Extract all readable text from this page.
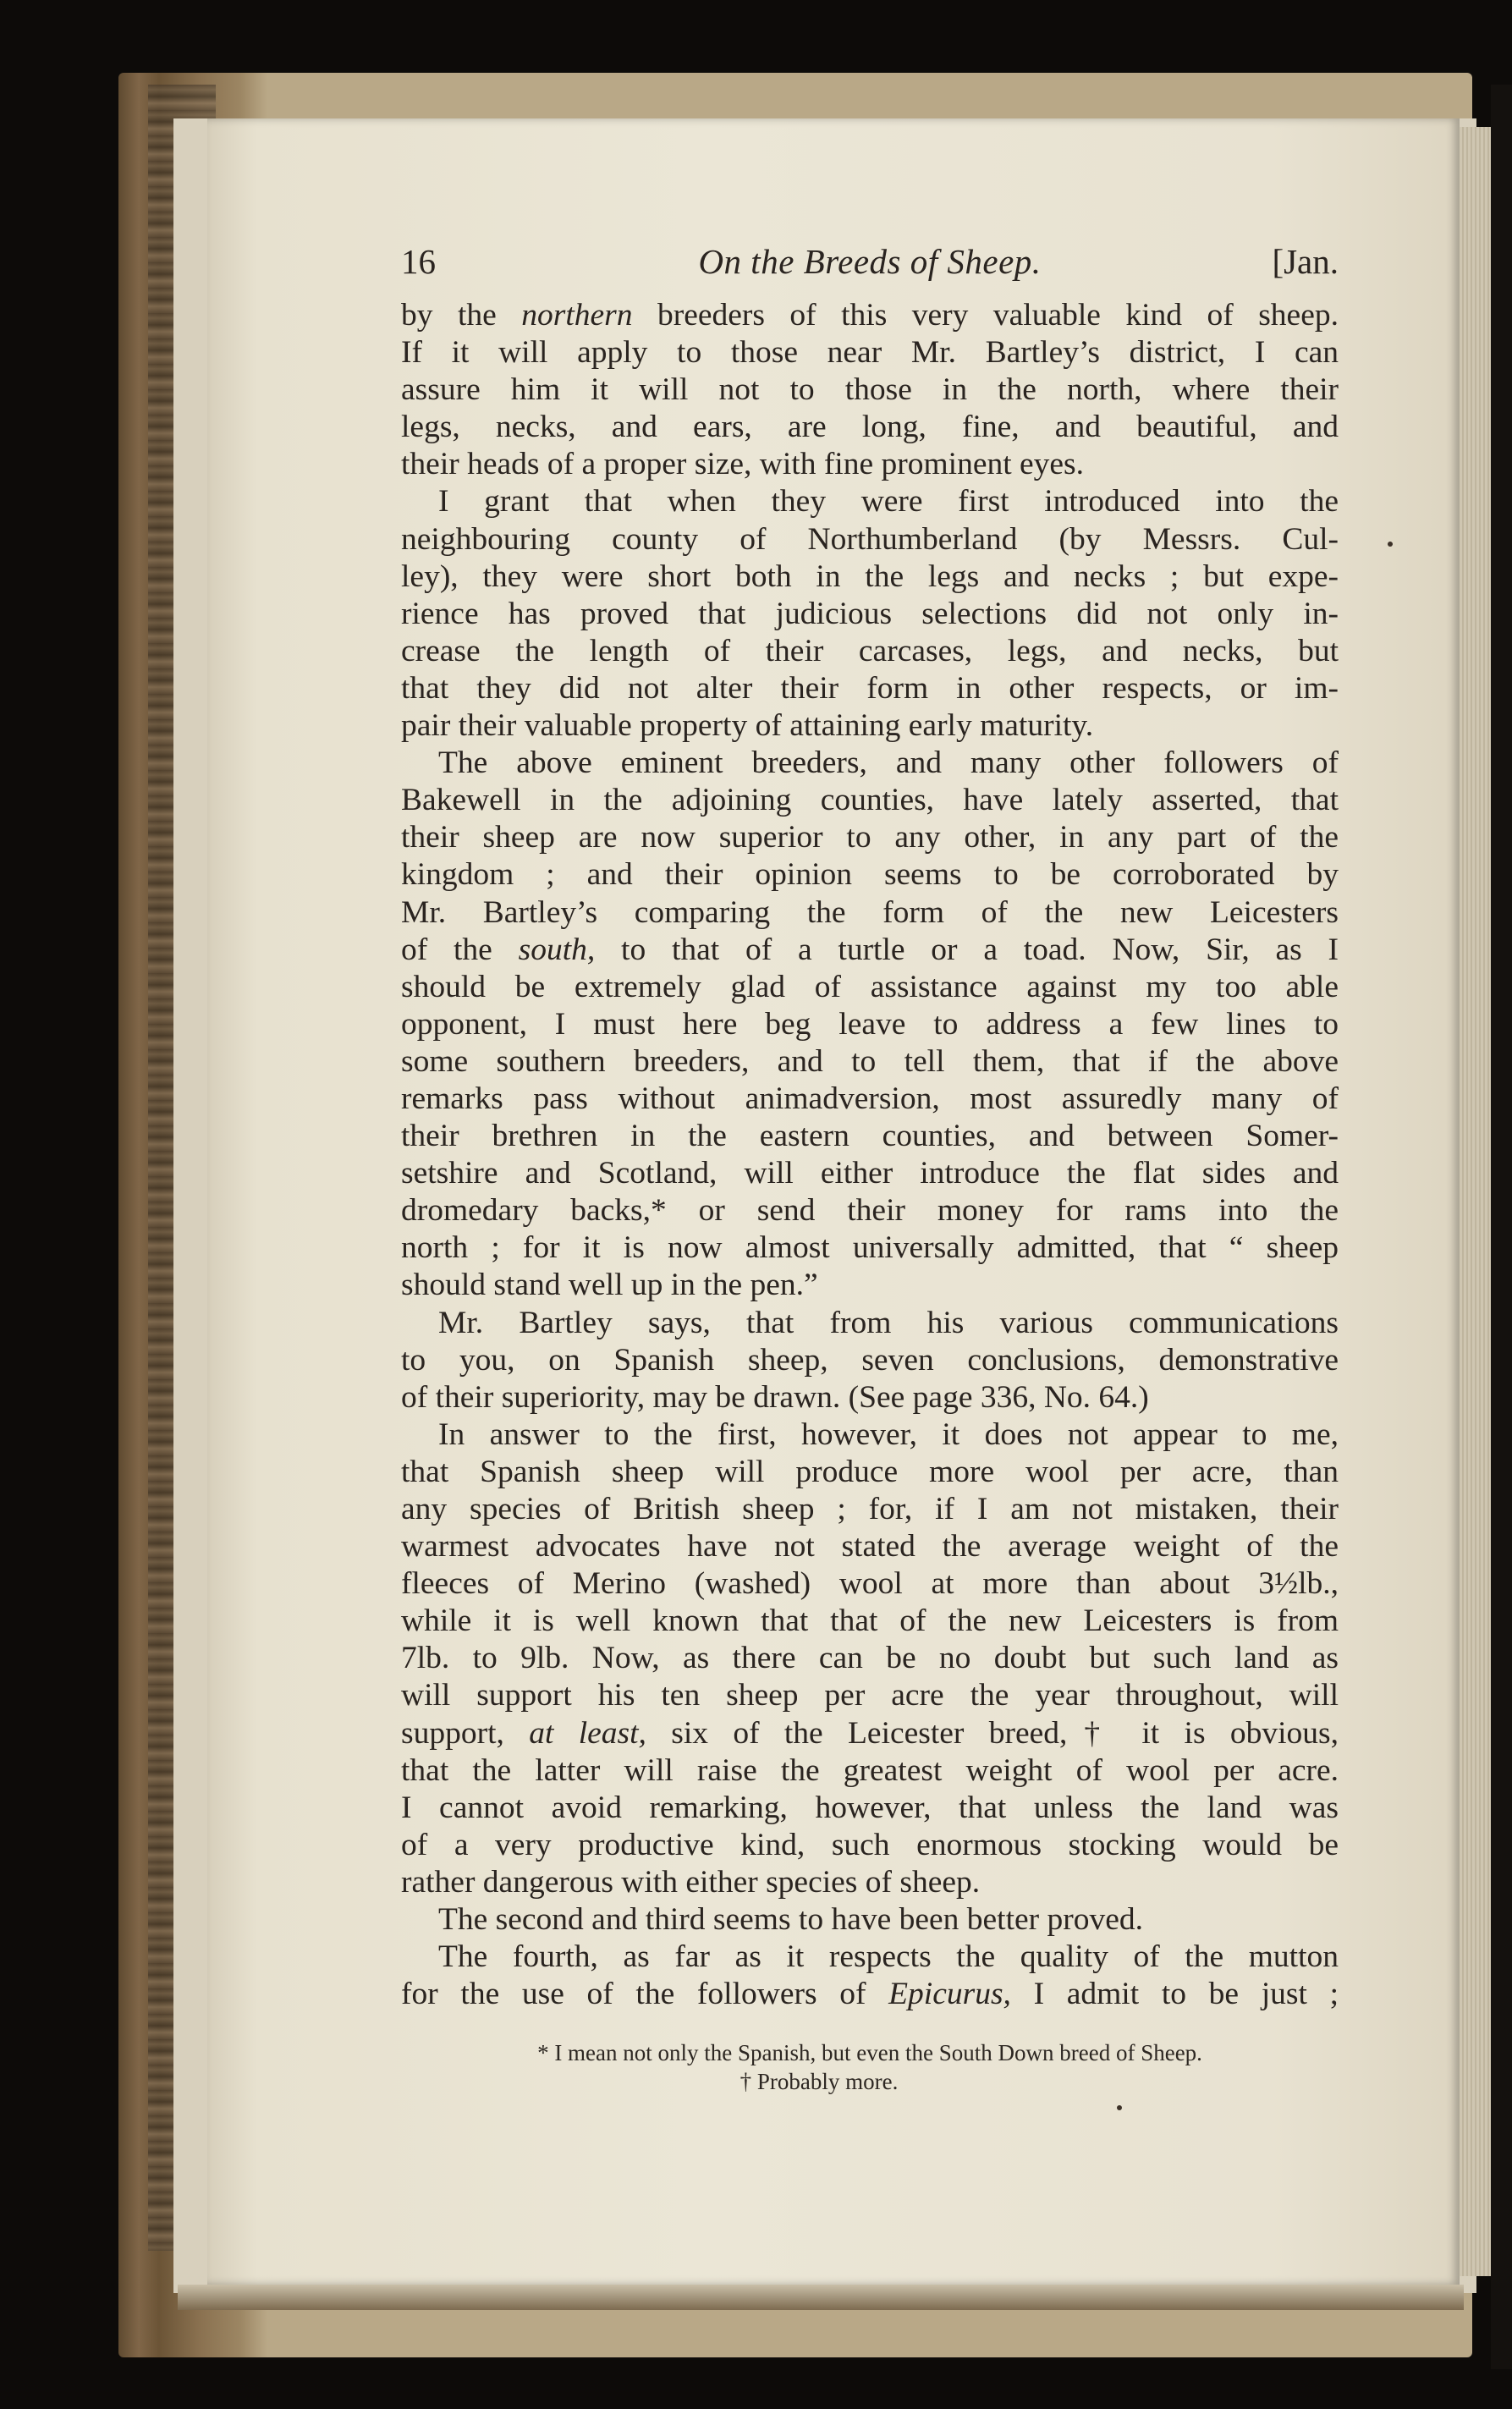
16	On the Breeds of Sheep.	[Jan.
by the northern breeders of this very valuable kind of sheep.
If it will apply to those near Mr. Bartley’s district, I can
assure him it will not to those in the north, where their
legs, necks, and ears, are long, fine, and beautiful, and
their heads of a proper size, with fine prominent eyes.
I grant that when they were first introduced into the
neighbouring county of Northumberland (by Messrs. Cul-
ley), they were short both in the legs and necks ; but expe-
rience has proved that judicious selections did not only in-
crease the length of their carcases, legs, and necks, but
that they did not alter their form in other respects, or im-
pair their valuable property of attaining early maturity.
The above eminent breeders, and many other followers of
Bakewell in the adjoining counties, have lately asserted, that
their sheep are now superior to any other, in any part of the
kingdom ; and their opinion seems to be corroborated by
Mr. Bartley’s comparing the form of the new Leicesters
of the south, to that of a turtle or a toad. Now, Sir, as I
should be extremely glad of assistance against my too able
opponent, I must here beg leave to address a few lines to
some southern breeders, and to tell them, that if the above
remarks pass without animadversion, most assuredly many of
their brethren in the eastern counties, and between Somer-
setshire and Scotland, will either introduce the flat sides and
dromedary backs,* or send their money for rams into the
north ; for it is now almost universally admitted, that “ sheep
should stand well up in the pen.”
Mr. Bartley says, that from his various communications
to you, on Spanish sheep, seven conclusions, demonstrative
of their superiority, may be drawn. (See page 336, No. 64.)
In answer to the first, however, it does not appear to me,
that Spanish sheep will produce more wool per acre, than
any species of British sheep ; for, if I am not mistaken, their
warmest advocates have not stated the average weight of the
fleeces of Merino (washed) wool at more than about 3½lb.,
while it is well known that that of the new Leicesters is from
7lb. to 9lb. Now, as there can be no doubt but such land as
will support his ten sheep per acre the year throughout, will
support, at least, six of the Leicester breed,† it is obvious,
that the latter will raise the greatest weight of wool per acre.
I cannot avoid remarking, however, that unless the land was
of a very productive kind, such enormous stocking would be
rather dangerous with either species of sheep.
The second and third seems to have been better proved.
The fourth, as far as it respects the quality of the mutton
for the use of the followers of Epicurus, I admit to be just ;
* I mean not only the Spanish, but even the South Down breed of Sheep.
† Probably more.
